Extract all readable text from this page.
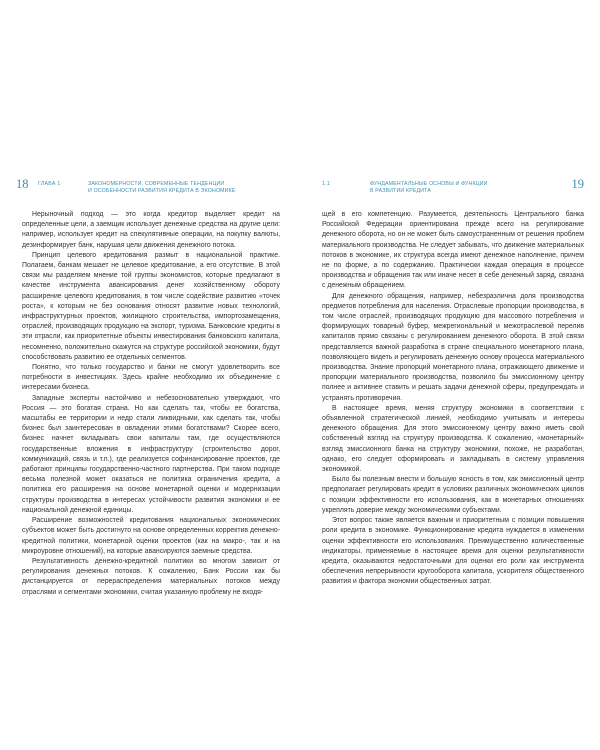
18 ГЛАВА 1	ЗАКОНОМЕРНОСТИ, СОВРЕМЕННЫЕ ТЕНДЕНЦИИ
И ОСОБЕННОСТИ РАЗВИТИЯ КРЕДИТА В ЭКОНОМИКЕ

Нерыночный подход — это когда кредитор выделяет кредит на определенные цели, а заемщик использует денежные средства на другие цели: например, использует кредит на спекулятивные операции, на покупку валюты, дезинформирует банк, нарушая цели движения денежного потока.

Принцип целевого кредитования размыт в национальной практике. Полагаем, банкам мешает не целевое кредитование, а его отсутствие. В этой связи мы разделяем мнение той группы экономистов, которые предлагают в качестве инструмента авансирования денег хозяйственному обороту расширение целевого кредитования, в том числе содействие развитию «точек роста», к которым не без основания относят развитие новых технологий, инфраструктурных проектов, жилищного строительства, импортозамещения, отраслей, производящих продукцию на экспорт, туризма. Банковские кредиты в эти отрасли, как приоритетные объекты инвестирования банковского капитала, несомненно, положительно скажутся на структуре российской экономики, будут способствовать развитию ее отдельных сегментов.

Понятно, что только государство и банки не смогут удовлетворить все потребности в инвестициях. Здесь крайне необходимо их объединение с интересами бизнеса.

Западные эксперты настойчиво и небезосновательно утверждают, что Россия — это богатая страна. Но как сделать так, чтобы ее богатства, масштабы ее территории и недр стали ликвидными, как сделать так, чтобы бизнес был заинтересован в овладении этими богатствами? Скорее всего, бизнес начнет вкладывать свои капиталы там, где осуществляются государственные вложения в инфраструктуру (строительство дорог, коммуникаций, связь и т.п.), где реализуется софинансирование проектов, где работают принципы государственно-частного партнерства. При таком подходе весьма полезной может оказаться не политика ограничения кредита, а политика его расширения на основе монетарной оценки и модернизации структуры производства в интересах устойчивости развития экономики и ее национальной денежной единицы.

Расширение возможностей кредитования национальных экономических субъектов может быть достигнуто на основе определенных корректив денежно-кредитной политики, монетарной оценки проектов (как на макро-, так и на микроуровне отношений), на которые авансируются заемные средства.

Результативность денежно-кредитной политики во многом зависит от регулирования денежных потоков. К сожалению, Банк России как бы дистанцируется от перераспределения материальных потоков между отраслями и сегментами экономики, считая указанную проблему не входя-

1.1	ФУНДАМЕНТАЛЬНЫЕ ОСНОВЫ И ФУНКЦИИ
В РАЗВИТИИ КРЕДИТА	19

щей в его компетенцию. Разумеется, деятельность Центрального банка Российской Федерации ориентирована прежде всего на регулирование денежного оборота, но он не может быть самоустраненным от решения проблем материального производства. Не следует забывать, что движение материальных потоков в экономике, их структура всегда имеют денежное наполнение, причем не по форме, а по содержанию. Практически каждая операция в процессе производства и обращения так или иначе несет в себе денежный заряд, связана с денежным обращением.

Для денежного обращения, например, небезразлична доля производства предметов потребления для населения. Отраслевые пропорции производства, в том числе отраслей, производящих продукцию для массового потребления и формирующих товарный буфер, межрегиональный и межотраслевой перелив капиталов прямо связаны с регулированием денежного оборота. В этой связи представляется важной разработка в стране специального монетарного плана, позволяющего видеть и регулировать денежную основу процесса материального производства. Знание пропорций монетарного плана, отражающего движение и пропорции материального производства, позволило бы эмиссионному центру полнее и активнее ставить и решать задачи денежной сферы, предупреждать и устранять противоречия.

В настоящее время, меняя структуру экономики в соответствии с объявленной стратегической линией, необходимо учитывать и интересы денежного обращения. Для этого эмиссионному центру важно иметь свой собственный взгляд на структуру производства. К сожалению, «монетарный» взгляд эмиссионного банка на структуру экономики, похоже, не разработан, однако, его следует сформировать и закладывать в систему управления экономикой.

Было бы полезным внести и большую ясность в том, как эмиссионный центр предполагает регулировать кредит в условиях различных экономических циклов с позиции эффективности его использования, как в монетарных отношениях укреплять доверие между экономическими субъектами.

Этот вопрос также является важным и приоритетным с позиции повышения роли кредита в экономике. Функционирование кредита нуждается в изменении оценки эффективности его использования. Преимущественно количественные индикаторы, применяемые в настоящее время для оценки результативности кредита, оказываются недостаточными для оценки его роли как инструмента обеспечения непрерывности кругооборота капитала, ускорителя общественного развития и фактора экономии общественных затрат.
